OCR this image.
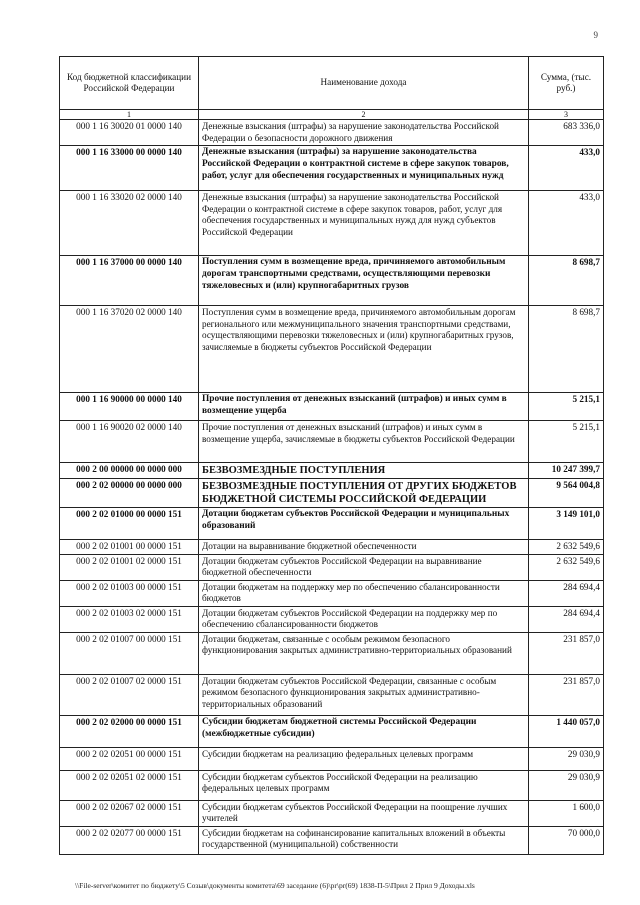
9
Код бюджетной классификации Российской Федерации	Наименование дохода	Сумма, (тыс. руб.)
1	2	3
000 1 16 30020 01 0000 140	Денежные взыскания (штрафы) за нарушение законодательства Российской Федерации о безопасности дорожного движения	683 336,0
000 1 16 33000 00 0000 140	Денежные взыскания (штрафы) за нарушение законодательства Российской Федерации о контрактной системе в сфере закупок товаров, работ, услуг для обеспечения государственных и муниципальных нужд	433,0
000 1 16 33020 02 0000 140	Денежные взыскания (штрафы) за нарушение законодательства Российской Федерации о контрактной системе в сфере закупок товаров, работ, услуг для обеспечения государственных и муниципальных нужд для нужд субъектов Российской Федерации	433,0
000 1 16 37000 00 0000 140	Поступления сумм в возмещение вреда, причиняемого автомобильным дорогам транспортными средствами, осуществляющими перевозки тяжеловесных и (или) крупногабаритных грузов	8 698,7
000 1 16 37020 02 0000 140	Поступления сумм в возмещение вреда, причиняемого автомобильным дорогам регионального или межмуниципального значения транспортными средствами, осуществляющими перевозки тяжеловесных и (или) крупногабаритных грузов, зачисляемые в бюджеты субъектов Российской Федерации	8 698,7
000 1 16 90000 00 0000 140	Прочие поступления от денежных взысканий (штрафов) и иных сумм в возмещение ущерба	5 215,1
000 1 16 90020 02 0000 140	Прочие поступления от денежных взысканий (штрафов) и иных сумм в возмещение ущерба, зачисляемые в бюджеты субъектов Российской Федерации	5 215,1
000 2 00 00000 00 0000 000	БЕЗВОЗМЕЗДНЫЕ ПОСТУПЛЕНИЯ	10 247 399,7
000 2 02 00000 00 0000 000	БЕЗВОЗМЕЗДНЫЕ ПОСТУПЛЕНИЯ ОТ ДРУГИХ БЮДЖЕТОВ БЮДЖЕТНОЙ СИСТЕМЫ РОССИЙСКОЙ ФЕДЕРАЦИИ	9 564 004,8
000 2 02 01000 00 0000 151	Дотации бюджетам субъектов Российской Федерации и муниципальных образований	3 149 101,0
000 2 02 01001 00 0000 151	Дотации на выравнивание бюджетной обеспеченности	2 632 549,6
000 2 02 01001 02 0000 151	Дотации бюджетам субъектов Российской Федерации на выравнивание бюджетной обеспеченности	2 632 549,6
000 2 02 01003 00 0000 151	Дотации бюджетам на поддержку мер по обеспечению сбалансированности бюджетов	284 694,4
000 2 02 01003 02 0000 151	Дотации бюджетам субъектов Российской Федерации на поддержку мер по обеспечению сбалансированности бюджетов	284 694,4
000 2 02 01007 00 0000 151	Дотации бюджетам, связанные с особым режимом безопасного функционирования закрытых административно-территориальных образований	231 857,0
000 2 02 01007 02 0000 151	Дотации бюджетам субъектов Российской Федерации, связанные с особым режимом безопасного функционирования закрытых административно-территориальных образований	231 857,0
000 2 02 02000 00 0000 151	Субсидии бюджетам бюджетной системы Российской Федерации (межбюджетные субсидии)	1 440 057,0
000 2 02 02051 00 0000 151	Субсидии бюджетам на реализацию федеральных целевых программ	29 030,9
000 2 02 02051 02 0000 151	Субсидии бюджетам субъектов Российской Федерации на реализацию федеральных целевых программ	29 030,9
000 2 02 02067 02 0000 151	Субсидии бюджетам субъектов Российской Федерации на поощрение лучших учителей	1 600,0
000 2 02 02077 00 0000 151	Субсидии бюджетам на софинансирование капитальных вложений в объекты государственной (муниципальной) собственности	70 000,0
\\File-server\комитет по бюджету\5 Созыв\документы комитета\69 заседание (6)\pr\pr(69) 1838-П-5\Прил 2 Прил 9 Доходы.xls
